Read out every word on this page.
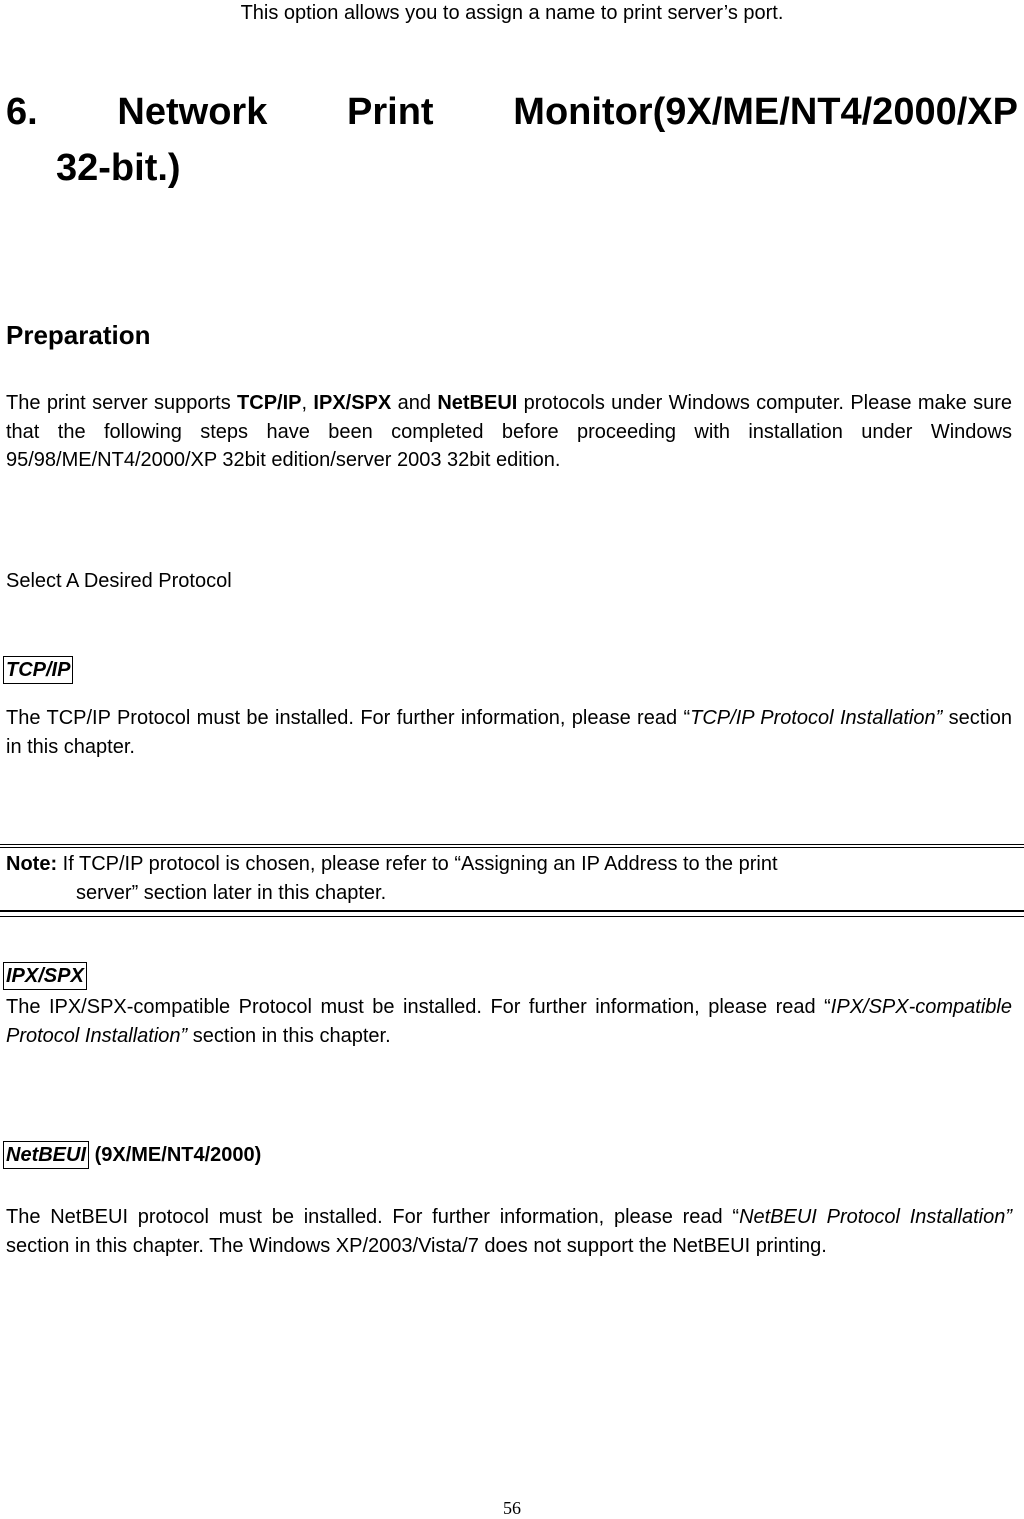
This option allows you to assign a name to print server’s port.
6. Network Print Monitor(9X/ME/NT4/2000/XP
32-bit.)
Preparation
The print server supports TCP/IP, IPX/SPX and NetBEUI protocols under Windows computer. Please make sure that the following steps have been completed before proceeding with installation under Windows 95/98/ME/NT4/2000/XP 32bit edition/server 2003 32bit edition.
Select A Desired Protocol
TCP/IP
The TCP/IP Protocol must be installed. For further information, please read “TCP/IP Protocol Installation” section in this chapter.
Note: If TCP/IP protocol is chosen, please refer to “Assigning an IP Address to the print
server” section later in this chapter.
IPX/SPX
The IPX/SPX-compatible Protocol must be installed. For further information, please read “IPX/SPX-compatible Protocol Installation” section in this chapter.
NetBEUI (9X/ME/NT4/2000)
The NetBEUI protocol must be installed. For further information, please read “NetBEUI Protocol Installation” section in this chapter. The Windows XP/2003/Vista/7 does not support the NetBEUI printing.
56
